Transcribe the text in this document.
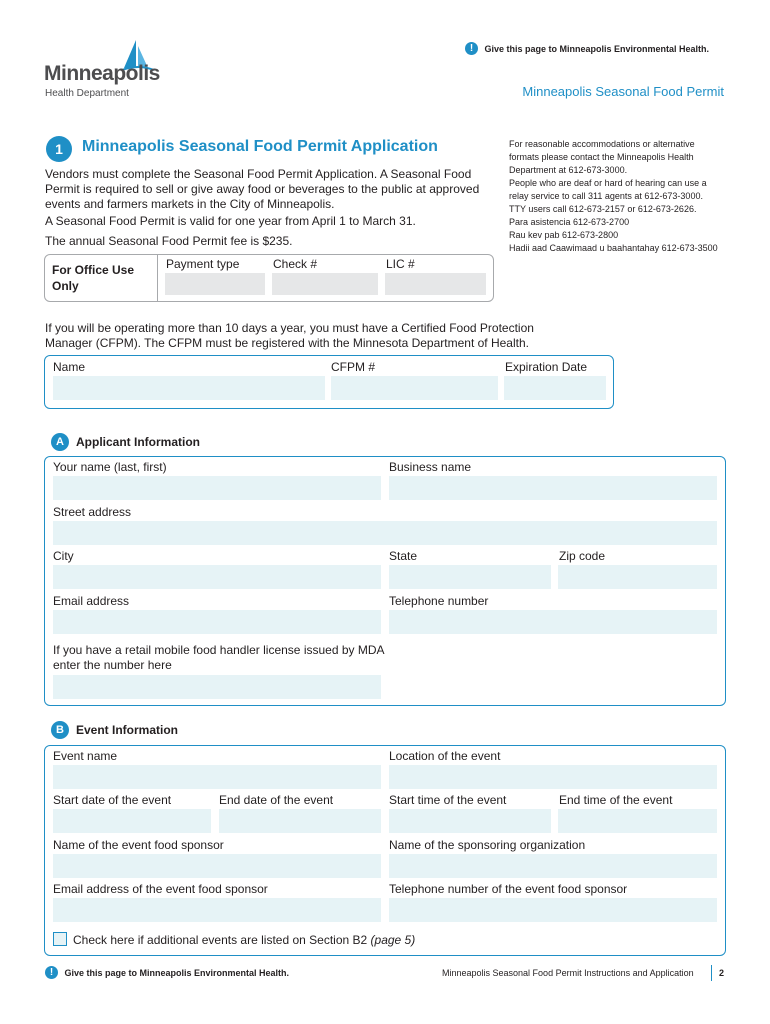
! Give this page to Minneapolis Environmental Health.
Minneapolis
Health Department	Minneapolis Seasonal Food Permit
1	Minneapolis Seasonal Food Permit Application
Vendors must complete the Seasonal Food Permit Application. A Seasonal Food
Permit is required to sell or give away food or beverages to the public at approved
events and farmers markets in the City of Minneapolis.
A Seasonal Food Permit is valid for one year from April 1 to March 31.
The annual Seasonal Food Permit fee is $235.
For reasonable accommodations or alternative
formats please contact the Minneapolis Health
Department at 612-673-3000.
People who are deaf or hard of hearing can use a
relay service to call 311 agents at 612-673-3000.
TTY users call 612-673-2157 or 612-673-2626.
Para asistencia 612-673-2700
Rau kev pab 612-673-2800
Hadii aad Caawimaad u baahantahay 612-673-3500
For Office Use
Only
Payment type	Check #	LIC #
If you will be operating more than 10 days a year, you must have a Certified Food Protection
Manager (CFPM). The CFPM must be registered with the Minnesota Department of Health.
Name	CFPM #	Expiration Date
A	Applicant Information
Your name (last, first)	Business name
Street address
City	State	Zip code
Email address	Telephone number
If you have a retail mobile food handler license issued by MDA
enter the number here
B	Event Information
Event name	Location of the event
Start date of the event	End date of the event	Start time of the event	End time of the event
Name of the event food sponsor	Name of the sponsoring organization
Email address of the event food sponsor	Telephone number of the event food sponsor
Check here if additional events are listed on Section B2 (page 5)
! Give this page to Minneapolis Environmental Health.	Minneapolis Seasonal Food Permit Instructions and Application	2
